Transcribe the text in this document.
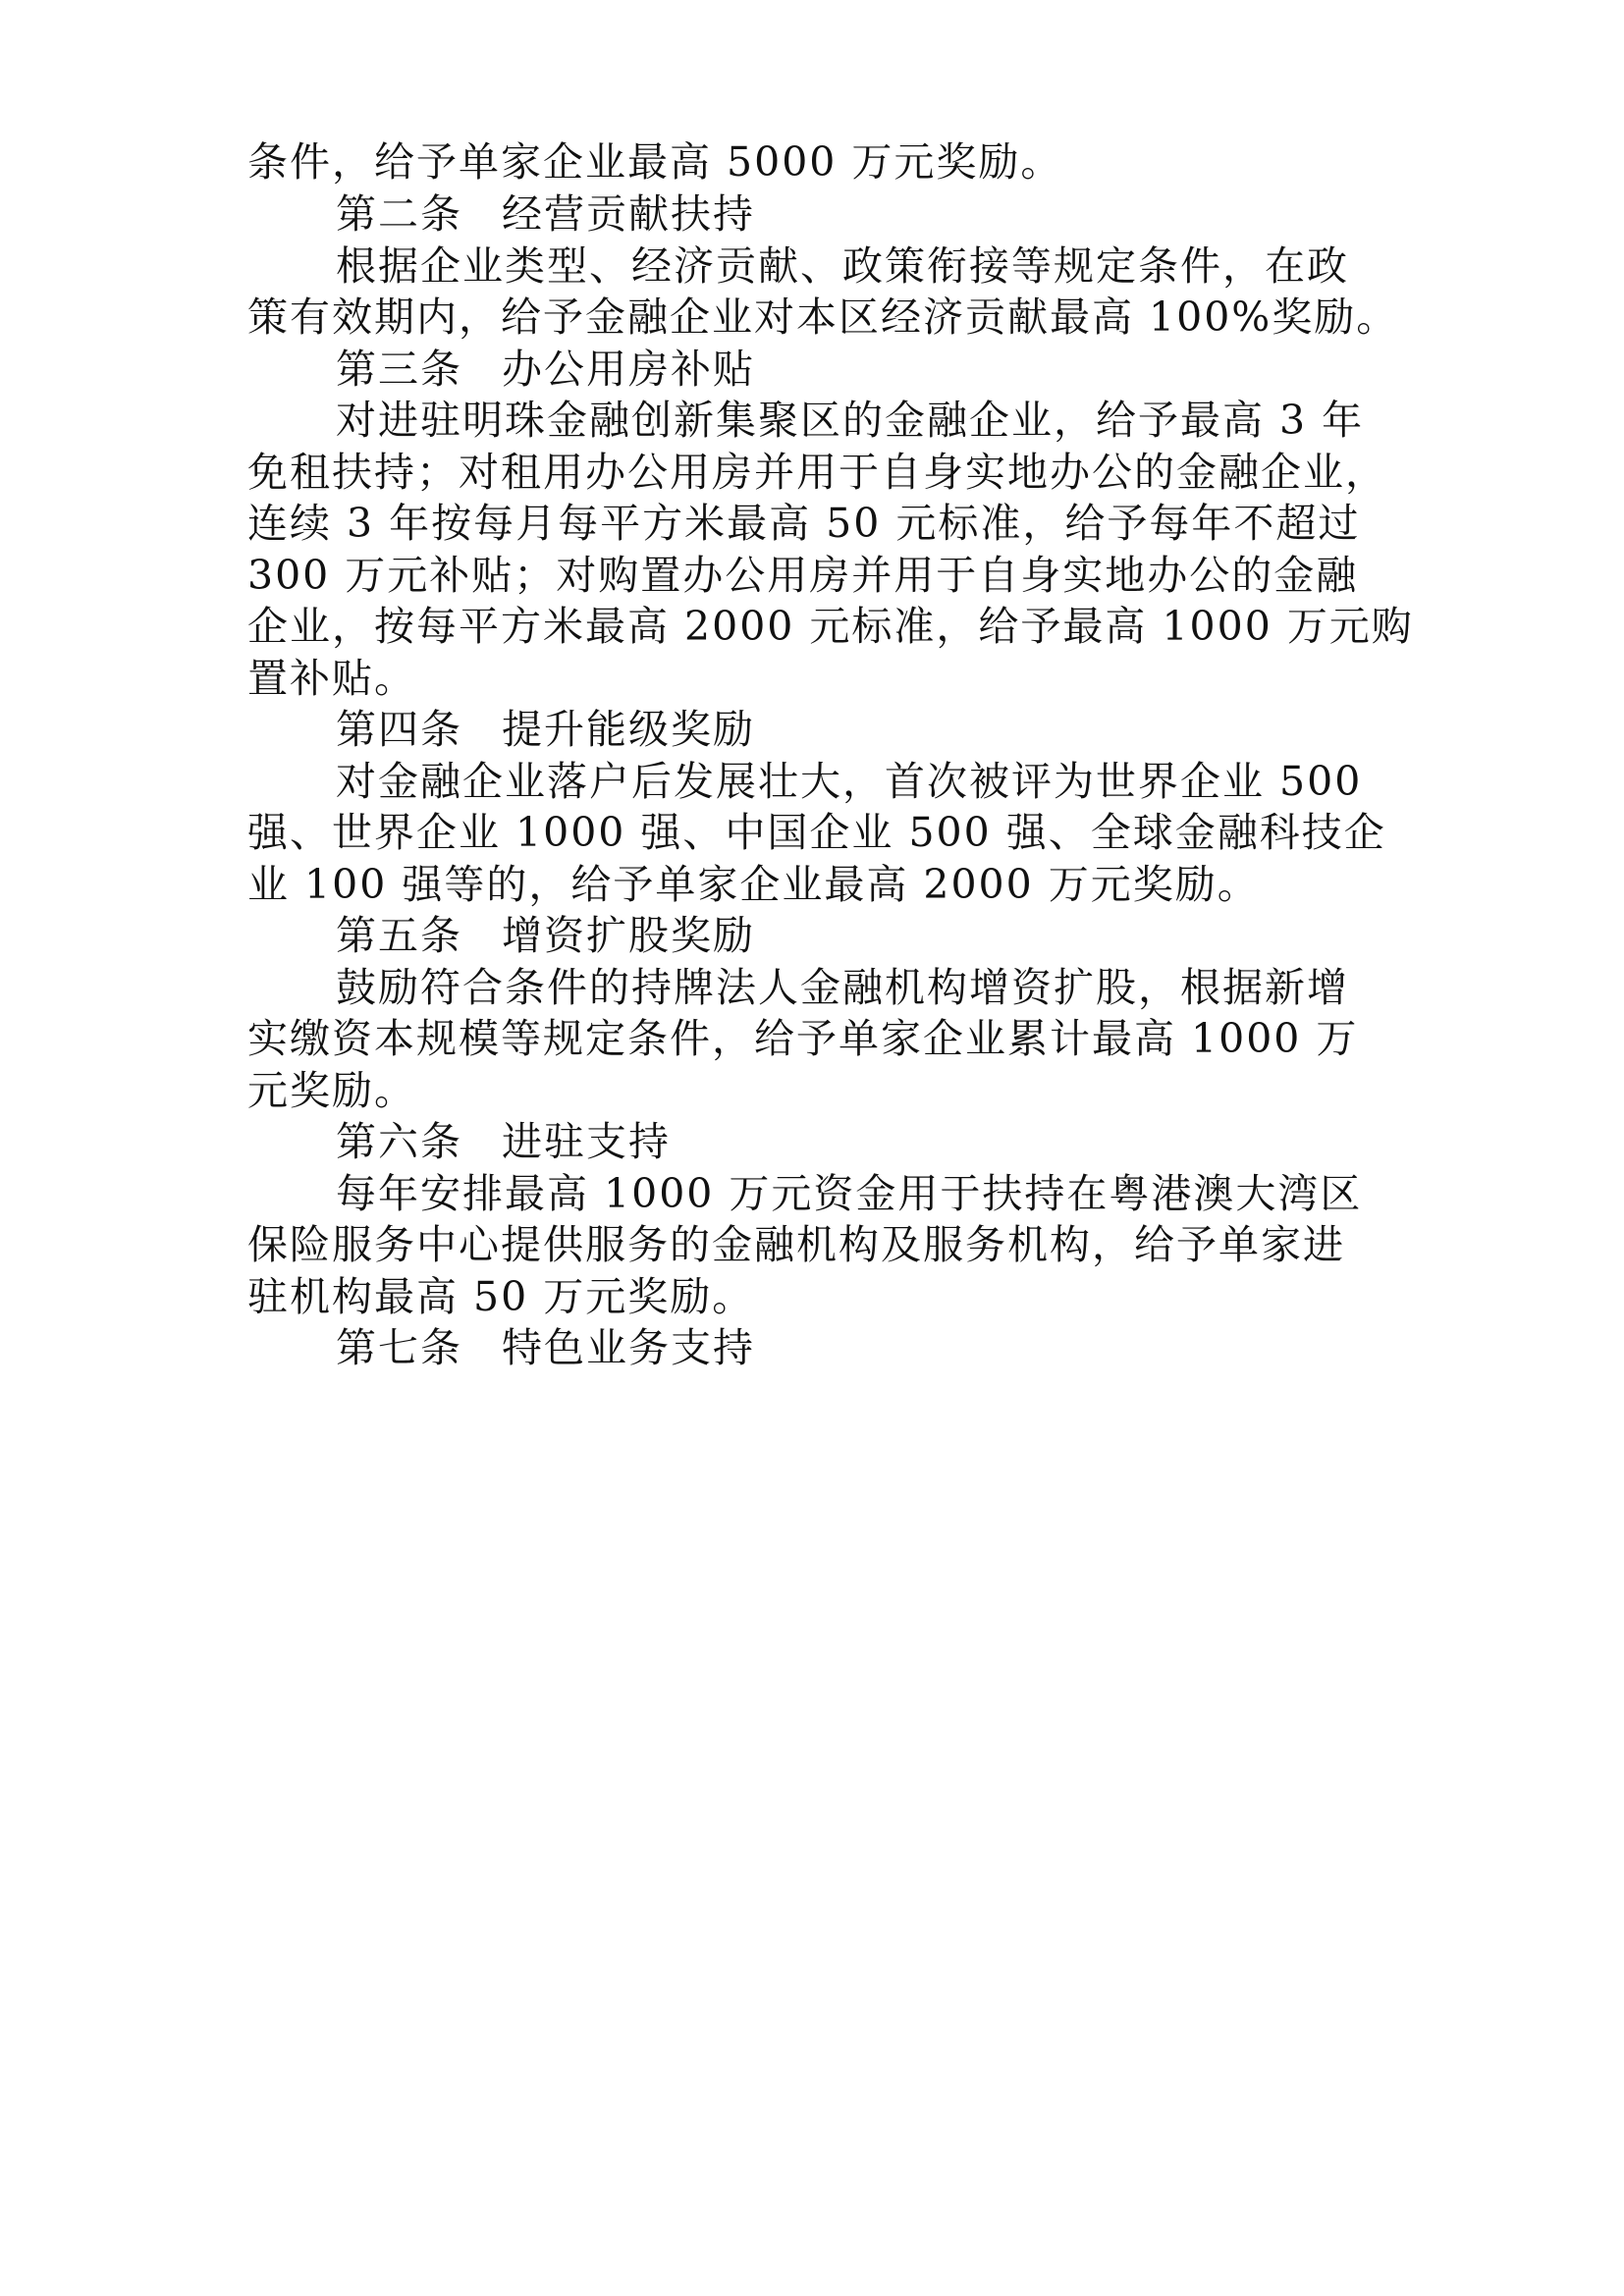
条件，给予单家企业最高 5000 万元奖励。
第二条 经营贡献扶持
根据企业类型、经济贡献、政策衔接等规定条件，在政
策有效期内，给予金融企业对本区经济贡献最高 100%奖励。
第三条 办公用房补贴
对进驻明珠金融创新集聚区的金融企业，给予最高 3 年
免租扶持；对租用办公用房并用于自身实地办公的金融企业，
连续 3 年按每月每平方米最高 50 元标准，给予每年不超过
300 万元补贴；对购置办公用房并用于自身实地办公的金融
企业，按每平方米最高 2000 元标准，给予最高 1000 万元购
置补贴。
第四条 提升能级奖励
对金融企业落户后发展壮大，首次被评为世界企业 500
强、世界企业 1000 强、中国企业 500 强、全球金融科技企
业 100 强等的，给予单家企业最高 2000 万元奖励。
第五条 增资扩股奖励
鼓励符合条件的持牌法人金融机构增资扩股，根据新增
实缴资本规模等规定条件，给予单家企业累计最高 1000 万
元奖励。
第六条 进驻支持
每年安排最高 1000 万元资金用于扶持在粤港澳大湾区
保险服务中心提供服务的金融机构及服务机构，给予单家进
驻机构最高 50 万元奖励。
第七条 特色业务支持
